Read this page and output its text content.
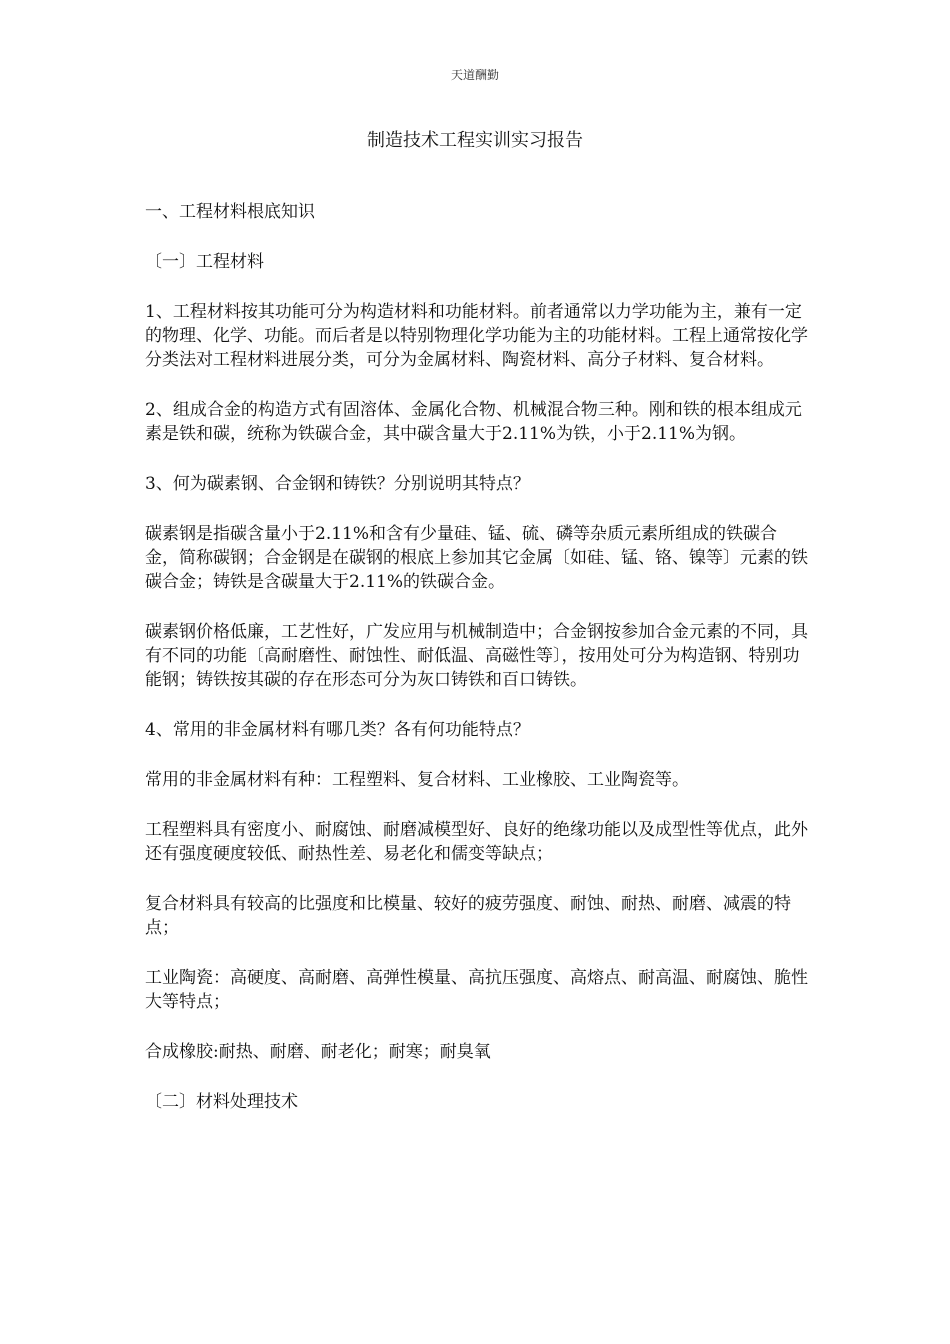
天道酬勤
制造技术工程实训实习报告

一、工程材料根底知识

〔一〕工程材料

1、工程材料按其功能可分为构造材料和功能材料。前者通常以力学功能为主，兼有一定的物理、化学、功能。而后者是以特别物理化学功能为主的功能材料。工程上通常按化学分类法对工程材料进展分类，可分为金属材料、陶瓷材料、高分子材料、复合材料。

2、组成合金的构造方式有固溶体、金属化合物、机械混合物三种。刚和铁的根本组成元素是铁和碳，统称为铁碳合金，其中碳含量大于2.11%为铁，小于2.11%为钢。

3、何为碳素钢、合金钢和铸铁？分别说明其特点？

碳素钢是指碳含量小于2.11%和含有少量硅、锰、硫、磷等杂质元素所组成的铁碳合金，简称碳钢；合金钢是在碳钢的根底上参加其它金属〔如硅、锰、铬、镍等〕元素的铁碳合金；铸铁是含碳量大于2.11%的铁碳合金。

碳素钢价格低廉，工艺性好，广发应用与机械制造中；合金钢按参加合金元素的不同，具有不同的功能〔高耐磨性、耐蚀性、耐低温、高磁性等〕，按用处可分为构造钢、特别功能钢；铸铁按其碳的存在形态可分为灰口铸铁和百口铸铁。

4、常用的非金属材料有哪几类？各有何功能特点？

常用的非金属材料有种：工程塑料、复合材料、工业橡胶、工业陶瓷等。

工程塑料具有密度小、耐腐蚀、耐磨减模型好、良好的绝缘功能以及成型性等优点，此外还有强度硬度较低、耐热性差、易老化和儒变等缺点；

复合材料具有较高的比强度和比模量、较好的疲劳强度、耐蚀、耐热、耐磨、减震的特点；

工业陶瓷：高硬度、高耐磨、高弹性模量、高抗压强度、高熔点、耐高温、耐腐蚀、脆性大等特点；

合成橡胶:耐热、耐磨、耐老化；耐寒；耐臭氧

〔二〕材料处理技术
